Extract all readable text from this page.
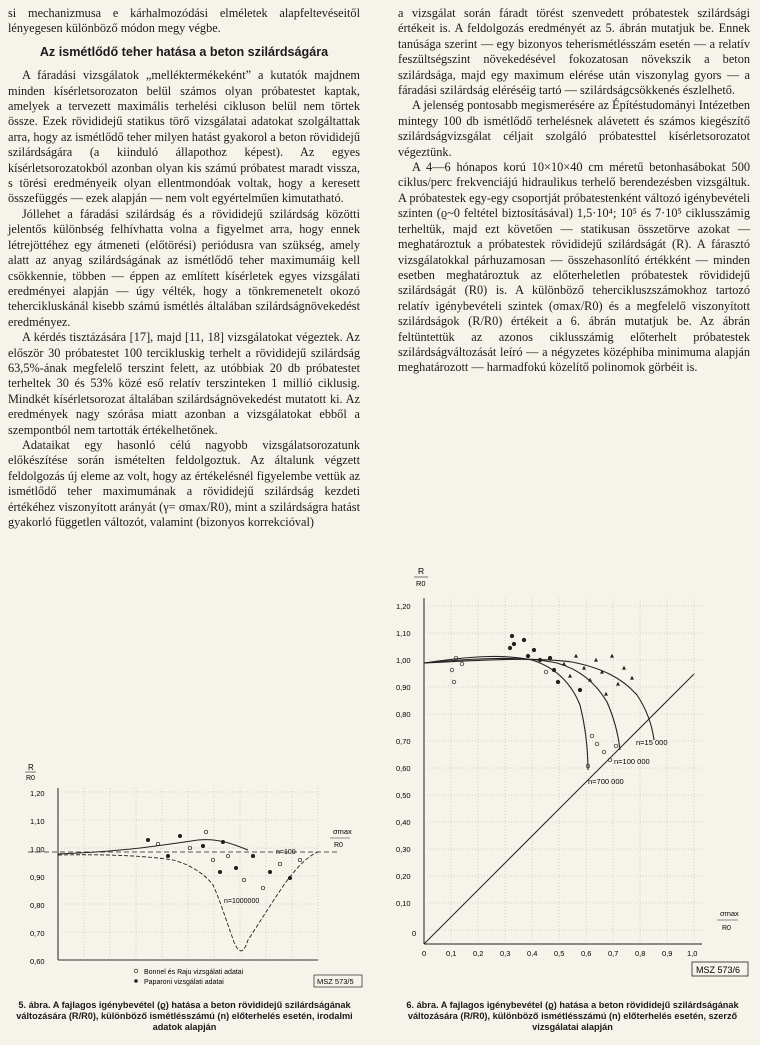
si mechanizmusa e kárhalmozódási elméletek alapfeltevéseitől lényegesen különböző módon megy végbe.

Az ismétlődő teher hatása a beton szilárdságára

A fáradási vizsgálatok „melléktermékeként” a kutatók majdnem minden kísérletsorozaton belül számos olyan próbatestet kaptak, amelyek a tervezett maximális terhelési cikluson belül nem törtek össze. Ezek rövididejű statikus törő vizsgálatai adatokat szolgáltattak arra, hogy az ismétlődő teher milyen hatást gyakorol a beton rövididejű szilárdságára (a kiinduló állapothoz képest). Az egyes kísérletsorozatokból azonban olyan kis számú próbatest maradt vissza, s törési eredményeik olyan ellentmondóak voltak, hogy a keresett összefüggés — ezek alapján — nem volt egyértelműen kimutatható.

Jóllehet a fáradási szilárdság és a rövididejű szilárdság közötti jelentős különbség felhívhatta volna a figyelmet arra, hogy ennek létrejöttéhez egy átmeneti (előtörési) periódusra van szükség, amely alatt az anyag szilárdságának az ismétlődő teher maximumáig kell csökkennie, többen — éppen az említett kísérletek egyes vizsgálati eredményei alapján — úgy vélték, hogy a tönkremenetelt okozó tehercikluskánál kisebb számú ismétlés általában szilárdságnövekedést eredményez.

A kérdés tisztázására [17], majd [11, 18] vizsgálatokat végeztek. Az először 30 próbatestet 100 tercikluskig terhelt a rövididejű szilárdság 63,5%-ának megfelelő terszint felett, az utóbbiak 20 db próbatestet terheltek 30 és 53% közé eső relatív terszinteken 1 millió ciklusig. Mindkét kísérletsorozat általában szilárdságnövekedést mutatott ki. Az eredmények nagy szórása miatt azonban a vizsgálatokat ebből a szempontból nem tartották értékelhetőnek.

Adataikat egy hasonló célú nagyobb vizsgálatsorozatunk előkészítése során ismételten feldolgoztuk. Az általunk végzett feldolgozás új eleme az volt, hogy az értékelésnél figyelembe vettük az ismétlődő teher maximumának a rövididejű szilárdság kezdeti értékéhez viszonyított arányát (γ= σmax/R0), mint a szilárdságra hatást gyakorló független változót, valamint (bizonyos korrekcióval)

a vizsgálat során fáradt törést szenvedett próbatestek szilárdsági értékeit is. A feldolgozás eredményét az 5. ábrán mutatjuk be. Ennek tanúsága szerint — egy bizonyos teherismétlésszám esetén — a relatív feszültségszint növekedésével fokozatosan növekszik a beton szilárdsága, majd egy maximum elérése után viszonylag gyors — a fáradási szilárdság eléréséig tartó — szilárdságcsökkenés észlelhető.

A jelenség pontosabb megismerésére az Építéstudományi Intézetben mintegy 100 db ismétlődő terhelésnek alávetett és számos kiegészítő szilárdságvizsgálat céljait szolgáló próbatesttel kísérletsorozatot végeztünk.

A 4—6 hónapos korú 10×10×40 cm méretű betonhasábokat 500 ciklus/perc frekvenciájú hidraulikus terhelő berendezésben vizsgáltuk. A próbatestek egy-egy csoportját próbatestenként változó igénybevételi szinten (ϱ~0 feltétel biztosításával) 1,5·10⁴; 10⁵ és 7·10⁵ ciklusszámig terheltük, majd ezt követően — statikusan összetörve azokat — meghatároztuk a próbatestek rövididejű szilárdságát (R). A fárasztó vizsgálatokkal párhuzamosan — összehasonlító értékként — minden esetben meghatároztuk az előterheletlen próbatestek rövididejű szilárdságát (R0) is. A különböző tehercikluszszámokhoz tartozó relatív igénybevételi szintek (σmax/R0) és a megfelelő viszonyított szilárdságok (R/R0) értékeit a 6. ábrán mutatjuk be. Az ábrán feltüntettük az azonos ciklusszámig előterhelt próbatestek szilárdságváltozását leíró — a négyzetes középhiba minimuma alapján meghatározott — harmadfokú közelítő polinomok görbéit is.

R
R0
1,20
1,10
1,00
0,90
0,80
0,70
0,60
n=100
n=1000000
σmax
R0
Bonnel és Raju vizsgálati adatai
Paparoni vizsgálati adatai	MSZ 573/5
5. ábra. A fajlagos igénybevétel (ϱ) hatása a beton rövididejű szilárdságának változására (R/R0), különböző ismétlésszámú (n) előterhelés esetén, irodalmi adatok alapján
R
R0
1,20
1,10
1,00
0,90
0,80
0,70
0,60
0,50
0,40
0,30
0,20
0,10
0
0	0,1 0,2 0,3 0,4 0,5 0,6 0,7 0,8 0,9 1,0
n=15 000
n=100 000
n=700 000
σmax
R0
MSZ 573/6
6. ábra. A fajlagos igénybevétel (ϱ) hatása a beton rövididejű szilárdságának változására (R/R0), különböző ismétlésszámú (n) előterhelés esetén, szerző vizsgálatai alapján
